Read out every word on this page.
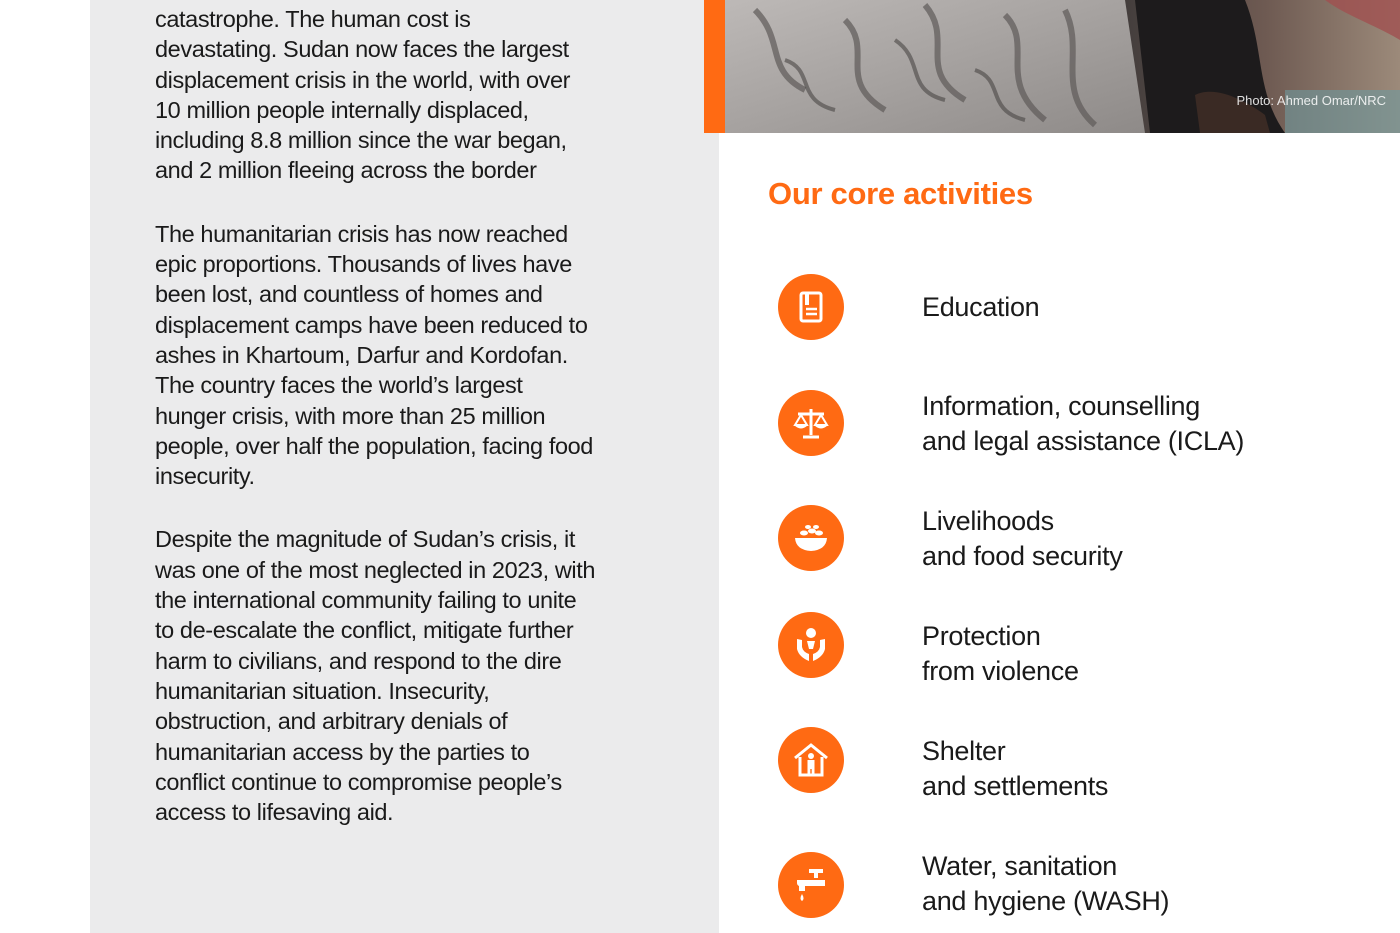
catastrophe. The human cost is
devastating. Sudan now faces the largest
displacement crisis in the world, with over
10 million people internally displaced,
including 8.8 million since the war began,
and 2 million fleeing across the border

The humanitarian crisis has now reached
epic proportions. Thousands of lives have
been lost, and countless of homes and
displacement camps have been reduced to
ashes in Khartoum, Darfur and Kordofan.
The country faces the world’s largest
hunger crisis, with more than 25 million
people, over half the population, facing food
insecurity.

Despite the magnitude of Sudan’s crisis, it
was one of the most neglected in 2023, with
the international community failing to unite
to de-escalate the conflict, mitigate further
harm to civilians, and respond to the dire
humanitarian situation. Insecurity,
obstruction, and arbitrary denials of
humanitarian access by the parties to
conflict continue to compromise people’s
access to lifesaving aid.

Photo: Ahmed Omar/NRC
Our core activities
Education
Information, counselling
and legal assistance (ICLA)
Livelihoods
and food security
Protection
from violence
Shelter
and settlements
Water, sanitation
and hygiene (WASH)
